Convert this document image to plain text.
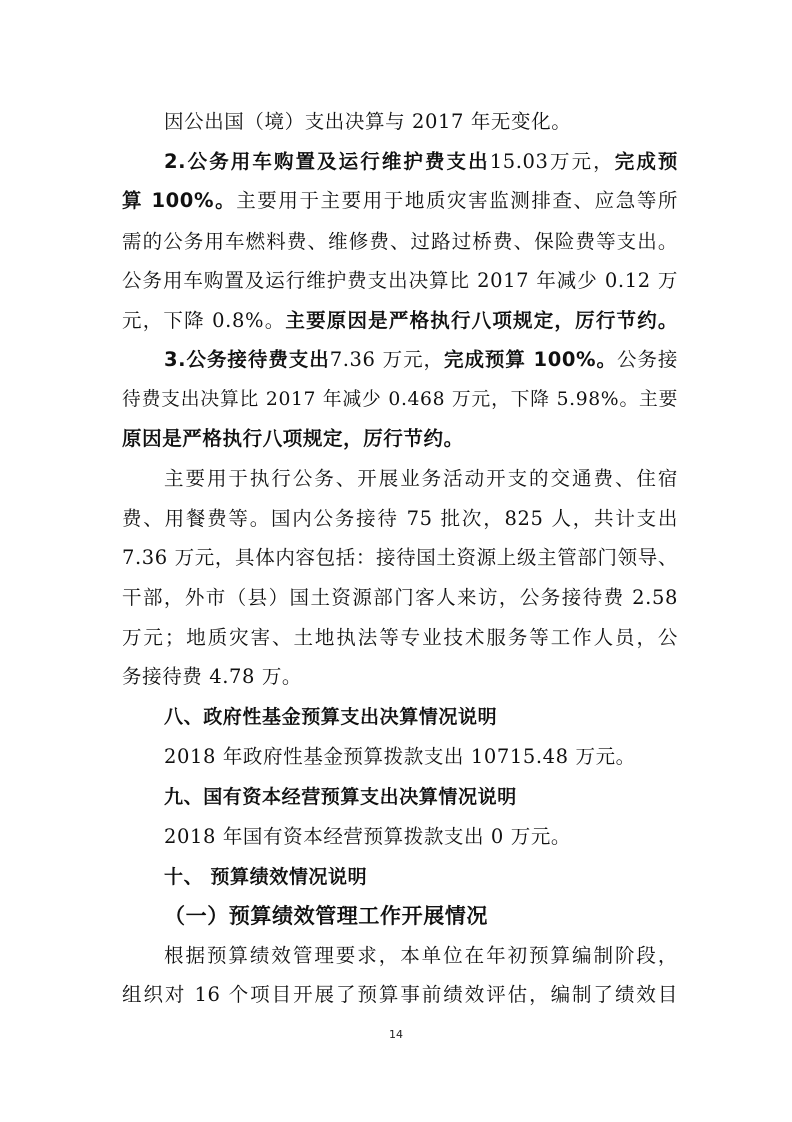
因公出国（境）支出决算与 2017 年无变化。
2.公务用车购置及运行维护费支出15.03万元，完成预
算 100%。主要用于主要用于地质灾害监测排查、应急等所
需的公务用车燃料费、维修费、过路过桥费、保险费等支出。
公务用车购置及运行维护费支出决算比 2017 年减少 0.12 万
元，下降 0.8%。主要原因是严格执行八项规定，厉行节约。
3.公务接待费支出7.36 万元，完成预算 100%。公务接
待费支出决算比 2017 年减少 0.468 万元，下降 5.98%。主要
原因是严格执行八项规定，厉行节约。
主要用于执行公务、开展业务活动开支的交通费、住宿
费、用餐费等。国内公务接待 75 批次，825 人，共计支出
7.36 万元，具体内容包括：接待国土资源上级主管部门领导、
干部，外市（县）国土资源部门客人来访，公务接待费 2.58
万元；地质灾害、土地执法等专业技术服务等工作人员，公
务接待费 4.78 万。
八、政府性基金预算支出决算情况说明
2018 年政府性基金预算拨款支出 10715.48 万元。
九、国有资本经营预算支出决算情况说明
2018 年国有资本经营预算拨款支出 0 万元。
十、 预算绩效情况说明
（一）预算绩效管理工作开展情况
根据预算绩效管理要求，本单位在年初预算编制阶段，
组织对 16 个项目开展了预算事前绩效评估，编制了绩效目
14
